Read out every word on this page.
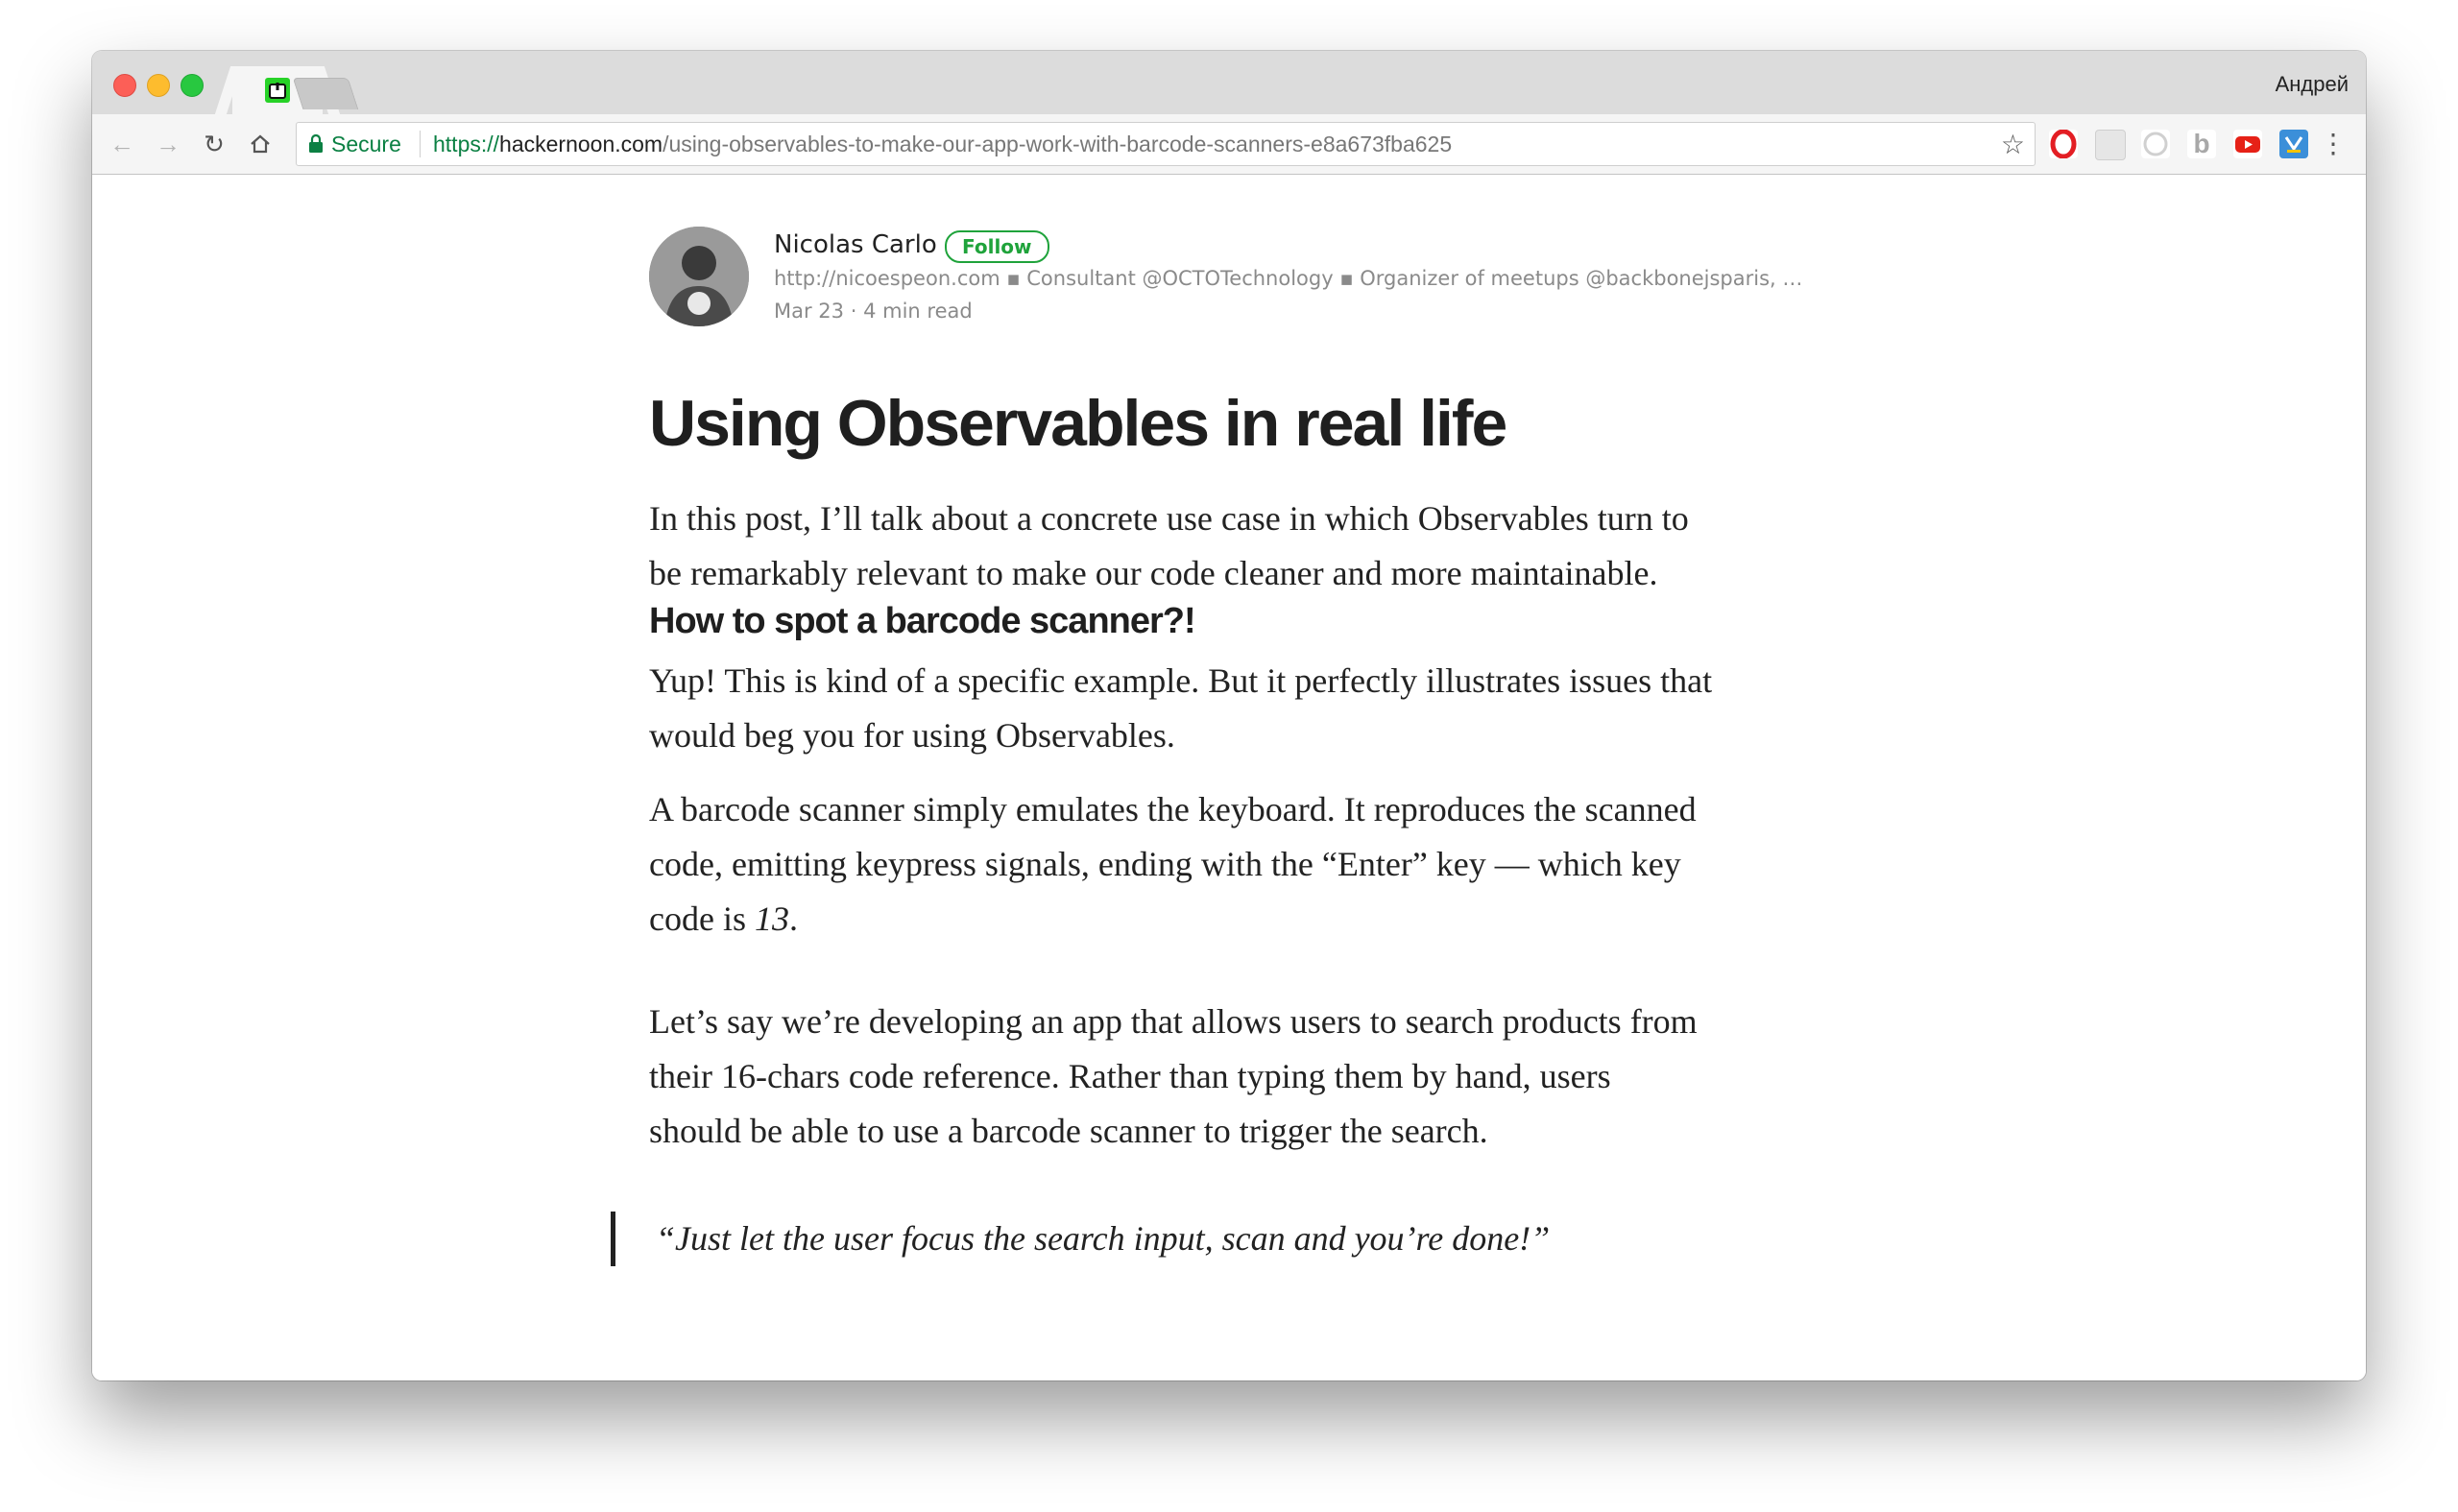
Андрей
← → ↻	Secure https://hackernoon.com/using-observables-to-make-our-app-work-with-barcode-scanners-e8a673fba625	☆	b	⋮
Nicolas Carlo	Follow
http://nicoespeon.com ▪ Consultant @OCTOTechnology ▪ Organizer of meetups @backbonejsparis, …
Mar 23 · 4 min read
Using Observables in real life

In this post, I’ll talk about a concrete use case in which Observables turn to
be remarkably relevant to make our code cleaner and more maintainable.

How to spot a barcode scanner?!

Yup! This is kind of a specific example. But it perfectly illustrates issues that
would beg you for using Observables.

A barcode scanner simply emulates the keyboard. It reproduces the scanned
code, emitting keypress signals, ending with the “Enter” key — which key
code is 13.

Let’s say we’re developing an app that allows users to search products from
their 16-chars code reference. Rather than typing them by hand, users
should be able to use a barcode scanner to trigger the search.

“Just let the user focus the search input, scan and you’re done!”
